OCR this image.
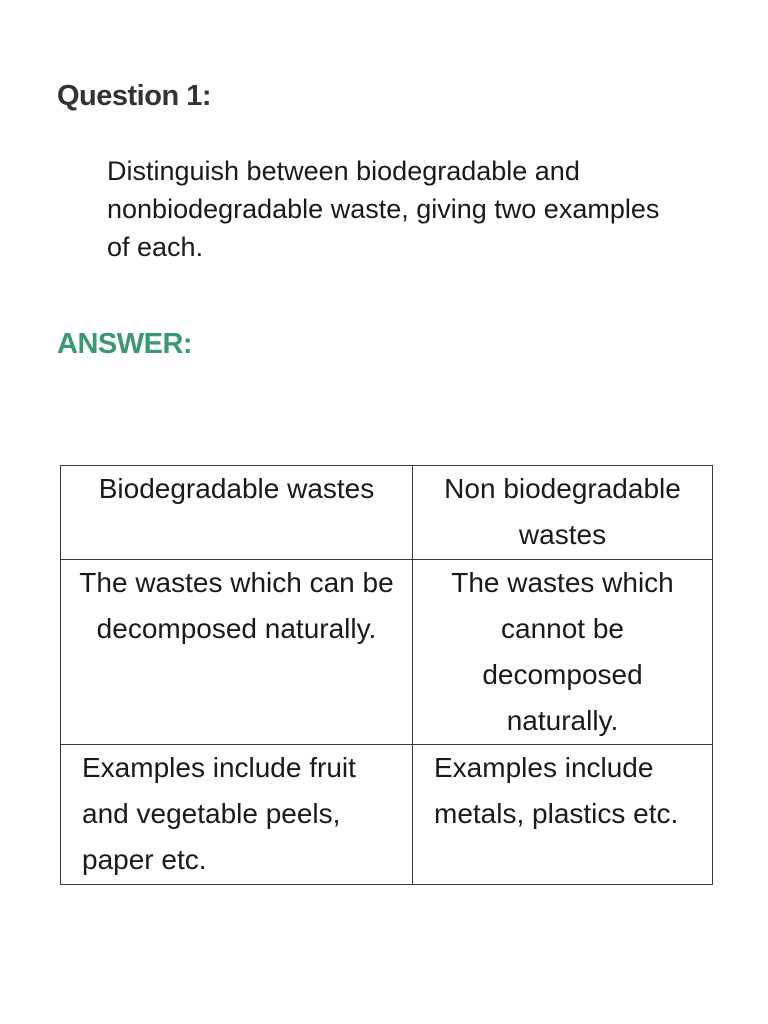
Question 1:

Distinguish between biodegradable and nonbiodegradable waste, giving two examples of each.

ANSWER:
Biodegradable wastes	Non biodegradable wastes
The wastes which can be decomposed naturally.	The wastes which cannot be decomposed naturally.
Examples include fruit and vegetable peels, paper etc.	Examples include metals, plastics etc.
